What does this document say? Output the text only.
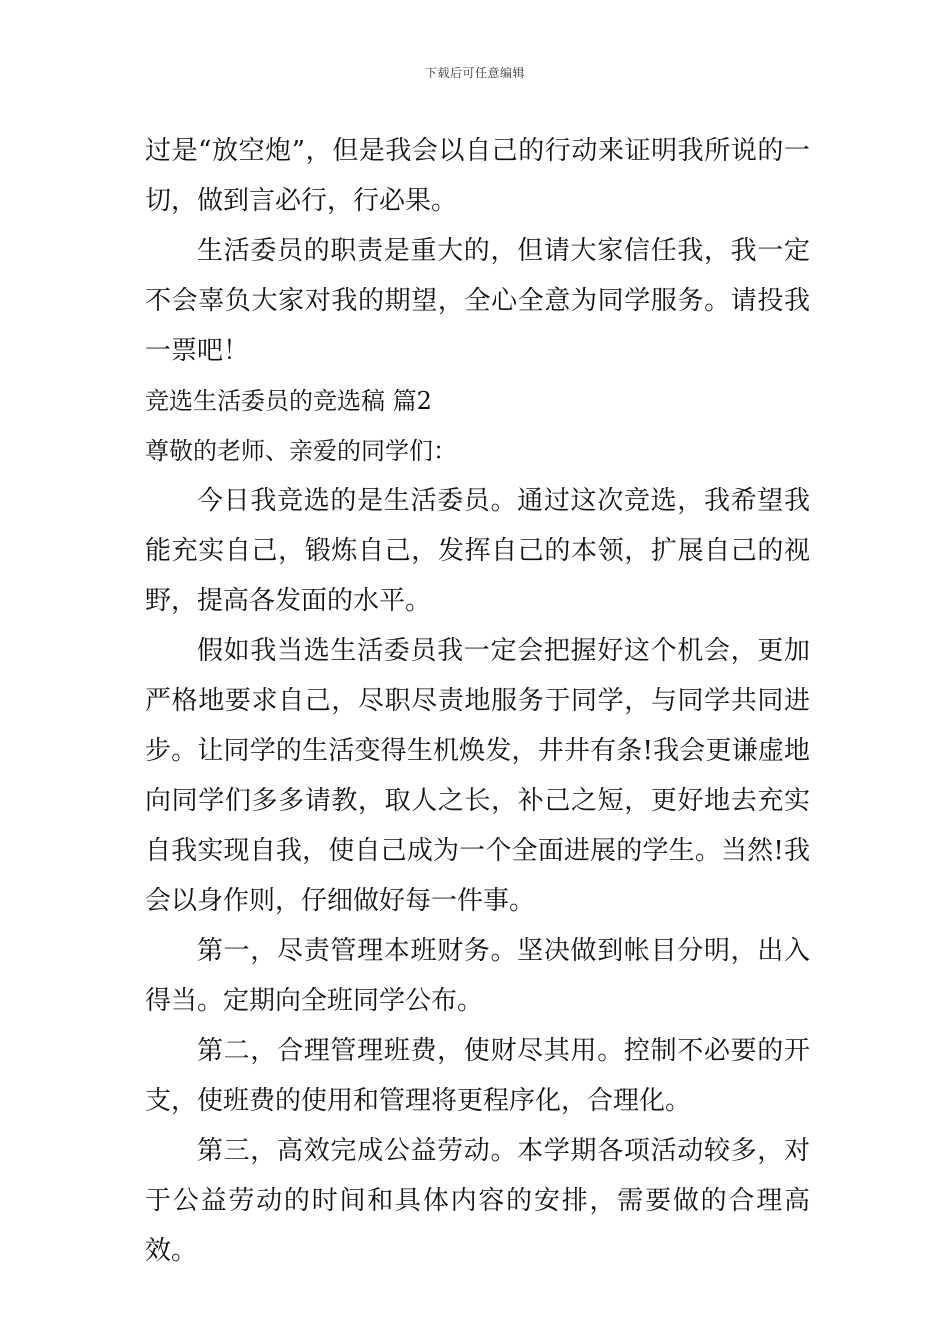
下载后可任意编辑

过是“放空炮”，但是我会以自己的行动来证明我所说的一切，做到言必行，行必果。

生活委员的职责是重大的，但请大家信任我，我一定不会辜负大家对我的期望，全心全意为同学服务。请投我一票吧！

竞选生活委员的竞选稿 篇2

尊敬的老师、亲爱的同学们：

今日我竞选的是生活委员。通过这次竞选，我希望我能充实自己，锻炼自己，发挥自己的本领，扩展自己的视野，提高各发面的水平。

假如我当选生活委员我一定会把握好这个机会，更加严格地要求自己，尽职尽责地服务于同学，与同学共同进步。让同学的生活变得生机焕发，井井有条!我会更谦虚地向同学们多多请教，取人之长，补己之短，更好地去充实自我实现自我，使自己成为一个全面进展的学生。当然!我会以身作则，仔细做好每一件事。

第一，尽责管理本班财务。坚决做到帐目分明，出入得当。定期向全班同学公布。

第二，合理管理班费，使财尽其用。控制不必要的开支，使班费的使用和管理将更程序化，合理化。

第三，高效完成公益劳动。本学期各项活动较多，对于公益劳动的时间和具体内容的安排，需要做的合理高效。
